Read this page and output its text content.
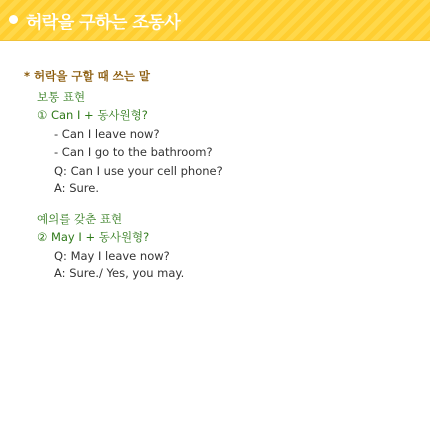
허락을 구하는 조동사
* 허락을 구할 때 쓰는 말
보통 표현
① Can I + 동사원형?
- Can I leave now?
- Can I go to the bathroom?
Q: Can I use your cell phone?
A: Sure.
예의를 갖춘 표현
② May I + 동사원형?
Q: May I leave now?
A: Sure./ Yes, you may.
